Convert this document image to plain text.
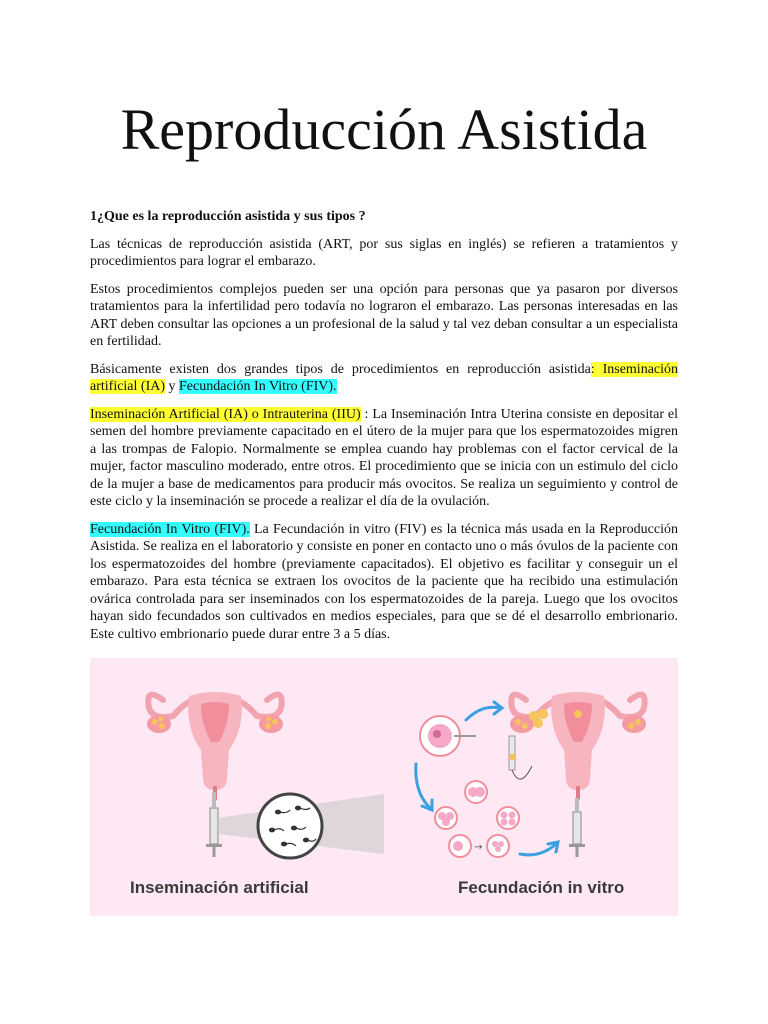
Reproducción Asistida
1¿Que es la reproducción asistida y sus tipos ?

Las técnicas de reproducción asistida (ART, por sus siglas en inglés) se refieren a tratamientos y procedimientos para lograr el embarazo.

Estos procedimientos complejos pueden ser una opción para personas que ya pasaron por diversos tratamientos para la infertilidad pero todavía no lograron el embarazo. Las personas interesadas en las ART deben consultar las opciones a un profesional de la salud y tal vez deban consultar a un especialista en fertilidad.

Básicamente existen dos grandes tipos de procedimientos en reproducción asistida: Inseminación artificial (IA) y Fecundación In Vitro (FIV).

Inseminación Artificial (IA) o Intrauterina (IIU) : La Inseminación Intra Uterina consiste en depositar el semen del hombre previamente capacitado en el útero de la mujer para que los espermatozoides migren a las trompas de Falopio. Normalmente se emplea cuando hay problemas con el factor cervical de la mujer, factor masculino moderado, entre otros. El procedimiento que se inicia con un estimulo del ciclo de la mujer a base de medicamentos para producir más ovocitos. Se realiza un seguimiento y control de este ciclo y la inseminación se procede a realizar el día de la ovulación.

Fecundación In Vitro (FIV). La Fecundación in vitro (FIV) es la técnica más usada en la Reproducción Asistida. Se realiza en el laboratorio y consiste en poner en contacto uno o más óvulos de la paciente con los espermatozoides del hombre (previamente capacitados). El objetivo es facilitar y conseguir un el embarazo. Para esta técnica se extraen los ovocitos de la paciente que ha recibido una estimulación ovárica controlada para ser inseminados con los espermatozoides de la pareja. Luego que los ovocitos hayan sido fecundados son cultivados en medios especiales, para que se dé el desarrollo embrionario. Este cultivo embrionario puede durar entre 3 a 5 días.

→
Inseminación artificial	Fecundación in vitro
